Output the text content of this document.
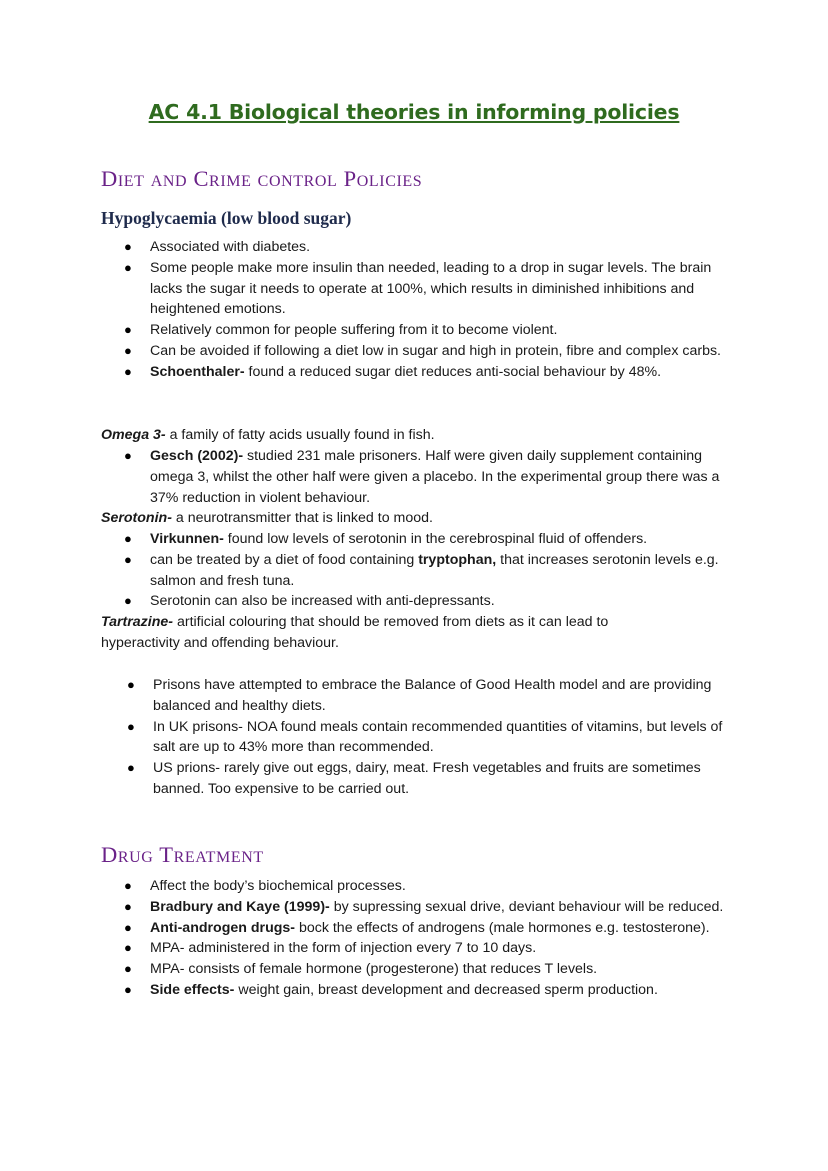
AC 4.1 Biological theories in informing policies
Diet and Crime control Policies
Hypoglycaemia (low blood sugar)
● Associated with diabetes.
● Some people make more insulin than needed, leading to a drop in sugar levels. The brain lacks the sugar it needs to operate at 100%, which results in diminished inhibitions and heightened emotions.
● Relatively common for people suffering from it to become violent.
● Can be avoided if following a diet low in sugar and high in protein, fibre and complex carbs.
● Schoenthaler- found a reduced sugar diet reduces anti-social behaviour by 48%.
Omega 3- a family of fatty acids usually found in fish.
● Gesch (2002)- studied 231 male prisoners. Half were given daily supplement containing omega 3, whilst the other half were given a placebo. In the experimental group there was a 37% reduction in violent behaviour.
Serotonin- a neurotransmitter that is linked to mood.
● Virkunnen- found low levels of serotonin in the cerebrospinal fluid of offenders.
● can be treated by a diet of food containing tryptophan, that increases serotonin levels e.g. salmon and fresh tuna.
● Serotonin can also be increased with anti-depressants.
Tartrazine- artificial colouring that should be removed from diets as it can lead to hyperactivity and offending behaviour.
● Prisons have attempted to embrace the Balance of Good Health model and are providing balanced and healthy diets.
● In UK prisons- NOA found meals contain recommended quantities of vitamins, but levels of salt are up to 43% more than recommended.
● US prions- rarely give out eggs, dairy, meat. Fresh vegetables and fruits are sometimes banned. Too expensive to be carried out.
Drug Treatment
● Affect the body’s biochemical processes.
● Bradbury and Kaye (1999)- by supressing sexual drive, deviant behaviour will be reduced.
● Anti-androgen drugs- bock the effects of androgens (male hormones e.g. testosterone).
● MPA- administered in the form of injection every 7 to 10 days.
● MPA- consists of female hormone (progesterone) that reduces T levels.
● Side effects- weight gain, breast development and decreased sperm production.
